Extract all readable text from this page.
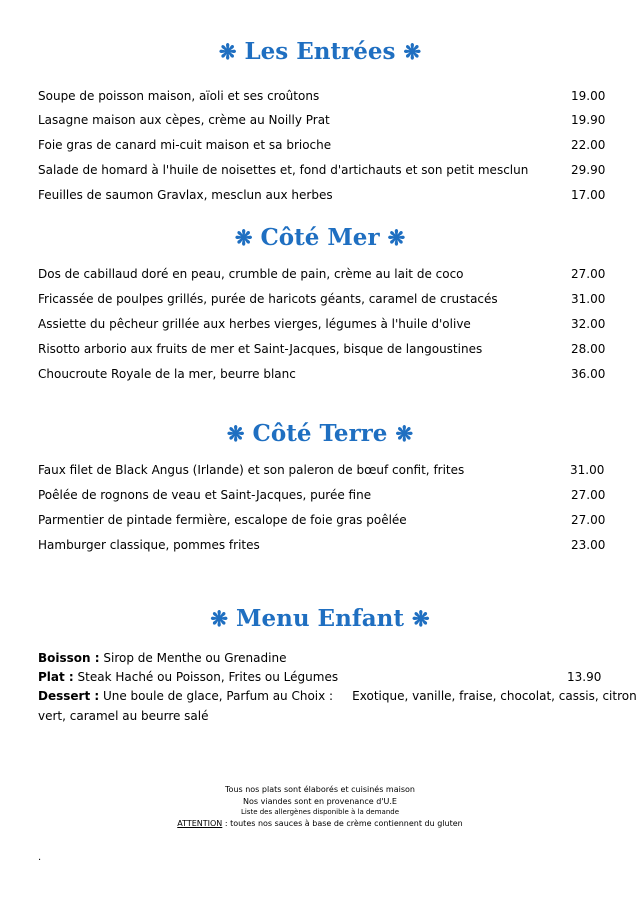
❋ Les Entrées ❋
Soupe de poisson maison, aïoli et ses croûtons	19.00
Lasagne maison aux cèpes, crème au Noilly Prat	19.90
Foie gras de canard mi-cuit maison et sa brioche	22.00
Salade de homard à l'huile de noisettes et, fond d'artichauts et son petit mesclun	29.90
Feuilles de saumon Gravlax, mesclun aux herbes	17.00
❋ Côté Mer ❋
Dos de cabillaud doré en peau, crumble de pain, crème au lait de coco	27.00
Fricassée de poulpes grillés, purée de haricots géants, caramel de crustacés	31.00
Assiette du pêcheur grillée aux herbes vierges, légumes à l'huile d'olive	32.00
Risotto arborio aux fruits de mer et Saint-Jacques, bisque de langoustines	28.00
Choucroute Royale de la mer, beurre blanc	36.00
❋ Côté Terre ❋
Faux filet de Black Angus (Irlande) et son paleron de bœuf confit, frites	31.00
Poêlée de rognons de veau et Saint-Jacques, purée fine	27.00
Parmentier de pintade fermière, escalope de foie gras poêlée	27.00
Hamburger classique, pommes frites	23.00
❋ Menu Enfant ❋
Boisson : Sirop de Menthe ou Grenadine
Plat : Steak Haché ou Poisson, Frites ou Légumes	13.90
Dessert : Une boule de glace, Parfum au Choix :     Exotique, vanille, fraise, chocolat, cassis, citron
vert, caramel au beurre salé
Tous nos plats sont élaborés et cuisinés maison
Nos viandes sont en provenance d'U.E
Liste des allergènes disponible à la demande
ATTENTION : toutes nos sauces à base de crème contiennent du gluten
.
